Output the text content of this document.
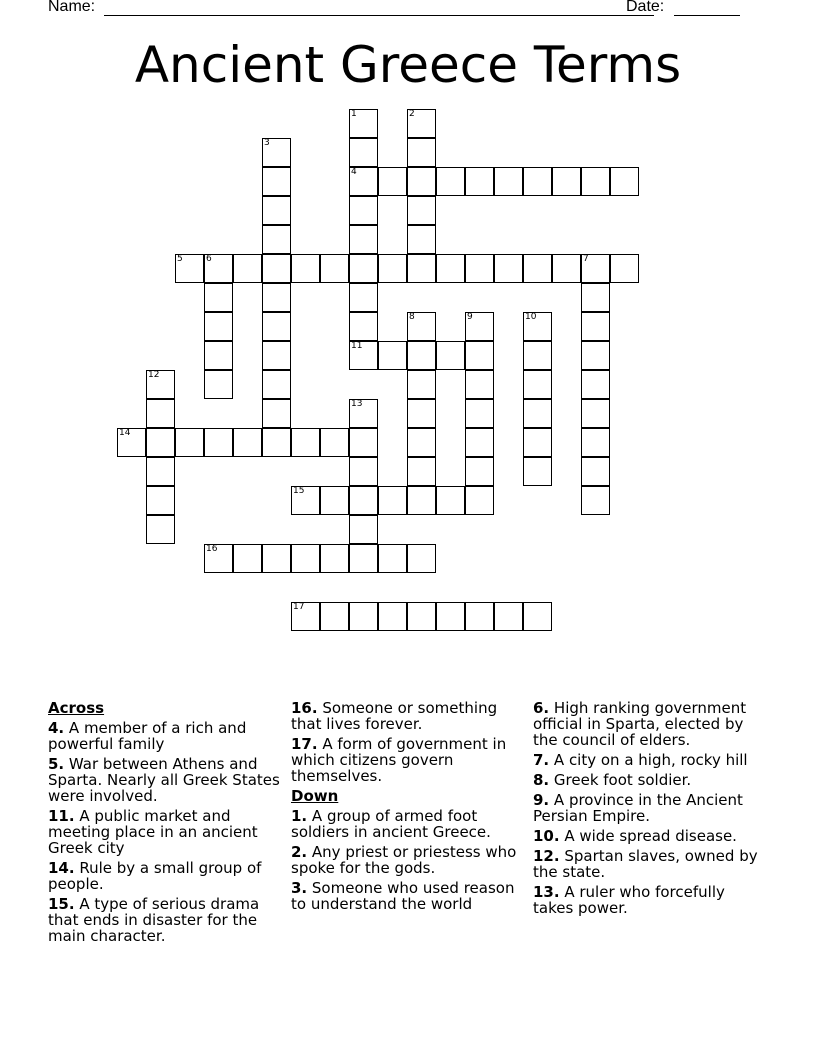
Name:	Date:
Ancient Greece Terms
4
5	6	7
11
14
15
16
17
1	2
3
8	9	10
12
13
Across
4. A member of a rich and powerful family
5. War between Athens and Sparta. Nearly all Greek States were involved.
11. A public market and meeting place in an ancient Greek city
14. Rule by a small group of people.
15. A type of serious drama that ends in disaster for the main character.
16. Someone or something that lives forever.
17. A form of government in which citizens govern themselves.
Down
1. A group of armed foot soldiers in ancient Greece.
2. Any priest or priestess who spoke for the gods.
3. Someone who used reason to understand the world
6. High ranking government official in Sparta, elected by the council of elders.
7. A city on a high, rocky hill
8. Greek foot soldier.
9. A province in the Ancient Persian Empire.
10. A wide spread disease.
12. Spartan slaves, owned by the state.
13. A ruler who forcefully takes power.
